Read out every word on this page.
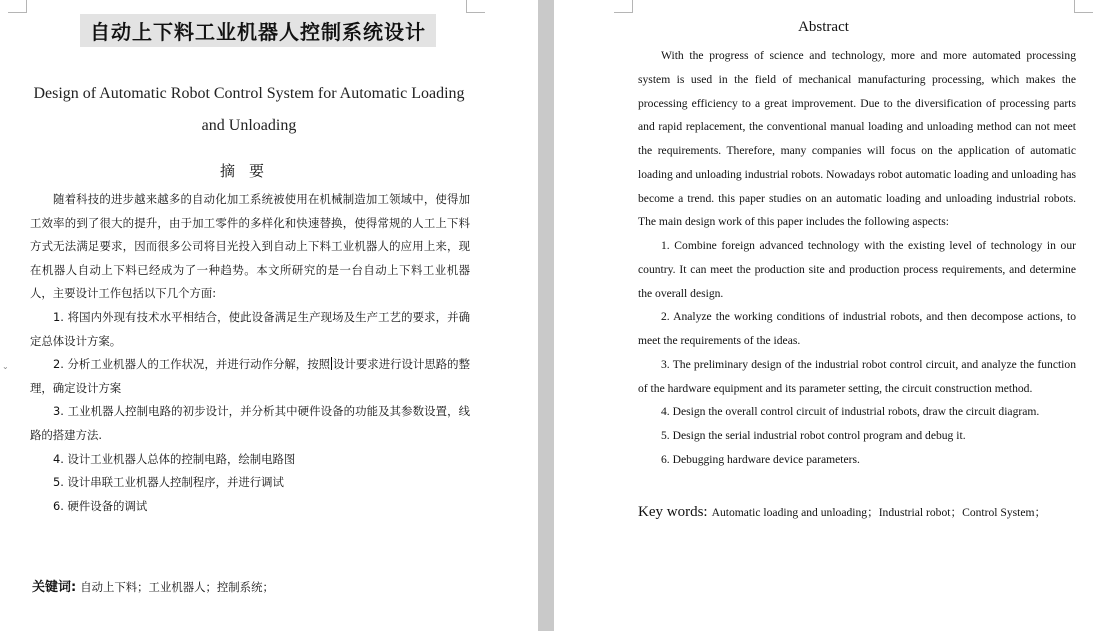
⌄
自动上下料工业机器人控制系统设计
Design of Automatic Robot Control System for Automatic Loading and Unloading
摘要

随着科技的进步越来越多的自动化加工系统被使用在机械制造加工领域中，使得加工效率的到了很大的提升，由于加工零件的多样化和快速替换，使得常规的人工上下料方式无法满足要求，因而很多公司将目光投入到自动上下料工业机器人的应用上来，现在机器人自动上下料已经成为了一种趋势。本文所研究的是一台自动上下料工业机器人，主要设计工作包括以下几个方面:

1. 将国内外现有技术水平相结合，使此设备满足生产现场及生产工艺的要求，并确定总体设计方案。

2. 分析工业机器人的工作状况，并进行动作分解，按照 设计要求进行设计思路的整理，确定设计方案

3. 工业机器人控制电路的初步设计，并分析其中硬件设备的功能及其参数设置，线路的搭建方法.

4. 设计工业机器人总体的控制电路，绘制电路图

5. 设计串联工业机器人控制程序，并进行调试

6. 硬件设备的调试

关键词: 自动上下料；工业机器人；控制系统；
Abstract

With the progress of science and technology, more and more automated processing system is used in the field of mechanical manufacturing processing, which makes the processing efficiency to a great improvement. Due to the diversification of processing parts and rapid replacement, the conventional manual loading and unloading method can not meet the requirements. Therefore, many companies will focus on the application of automatic loading and unloading industrial robots. Nowadays robot automatic loading and unloading has become a trend. this paper studies on an automatic loading and unloading industrial robots. The main design work of this paper includes the following aspects:

1. Combine foreign advanced technology with the existing level of technology in our country. It can meet the production site and production process requirements, and determine the overall design.

2. Analyze the working conditions of industrial robots, and then decompose actions, to meet the requirements of the ideas.

3. The preliminary design of the industrial robot control circuit, and analyze the function of the hardware equipment and its parameter setting, the circuit construction method.

4. Design the overall control circuit of industrial robots, draw the circuit diagram.

5. Design the serial industrial robot control program and debug it.

6. Debugging hardware device parameters.

Key words: Automatic loading and unloading；Industrial robot；Control System；
